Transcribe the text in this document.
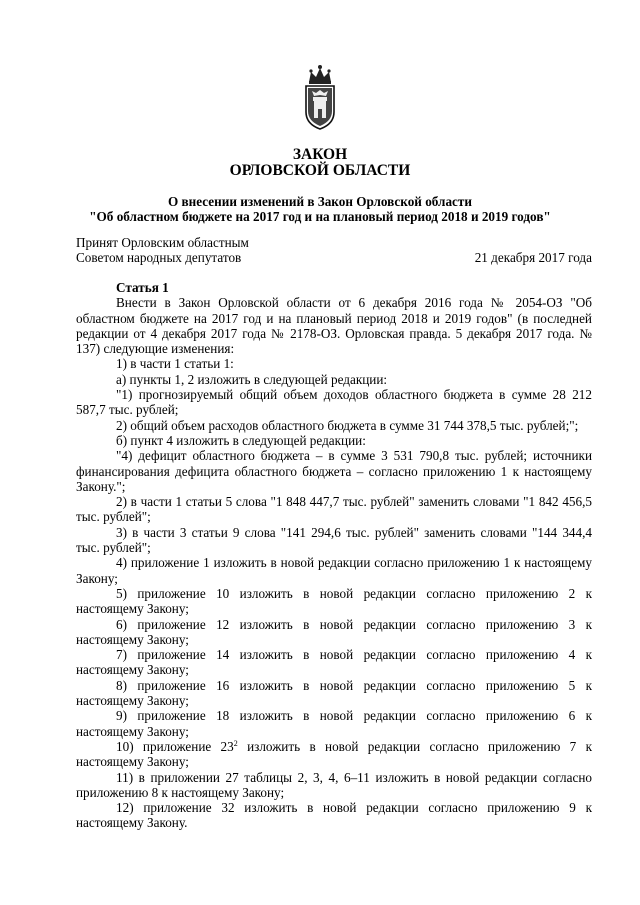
ЗАКОН
ОРЛОВСКОЙ ОБЛАСТИ
О внесении изменений в Закон Орловской области
"Об областном бюджете на 2017 год и на плановый период 2018 и 2019 годов"
Принят Орловским областным
Советом народных депутатов	21 декабря 2017 года

Статья 1

Внести в Закон Орловской области от 6 декабря 2016 года № 2054-ОЗ "Об областном бюджете на 2017 год и на плановый период 2018 и 2019 годов" (в последней редакции от 4 декабря 2017 года № 2178-ОЗ. Орловская правда. 5 декабря 2017 года. № 137) следующие изменения:

1) в части 1 статьи 1:

а) пункты 1, 2 изложить в следующей редакции:

"1) прогнозируемый общий объем доходов областного бюджета в сумме 28 212 587,7 тыс. рублей;

2) общий объем расходов областного бюджета в сумме 31 744 378,5 тыс. рублей;";

б) пункт 4 изложить в следующей редакции:

"4) дефицит областного бюджета – в сумме 3 531 790,8 тыс. рублей; источники финансирования дефицита областного бюджета – согласно приложению 1 к настоящему Закону.";

2) в части 1 статьи 5 слова "1 848 447,7 тыс. рублей" заменить словами "1 842 456,5 тыс. рублей";

3) в части 3 статьи 9 слова "141 294,6 тыс. рублей" заменить словами "144 344,4 тыс. рублей";

4) приложение 1 изложить в новой редакции согласно приложению 1 к настоящему Закону;

5) приложение 10 изложить в новой редакции согласно приложению 2 к настоящему Закону;

6) приложение 12 изложить в новой редакции согласно приложению 3 к настоящему Закону;

7) приложение 14 изложить в новой редакции согласно приложению 4 к настоящему Закону;

8) приложение 16 изложить в новой редакции согласно приложению 5 к настоящему Закону;

9) приложение 18 изложить в новой редакции согласно приложению 6 к настоящему Закону;

10) приложение $23^2$ изложить в новой редакции согласно приложению 7 к настоящему Закону;

11) в приложении 27 таблицы 2, 3, 4, 6–11 изложить в новой редакции согласно приложению 8 к настоящему Закону;

12) приложение 32 изложить в новой редакции согласно приложению 9 к настоящему Закону.
